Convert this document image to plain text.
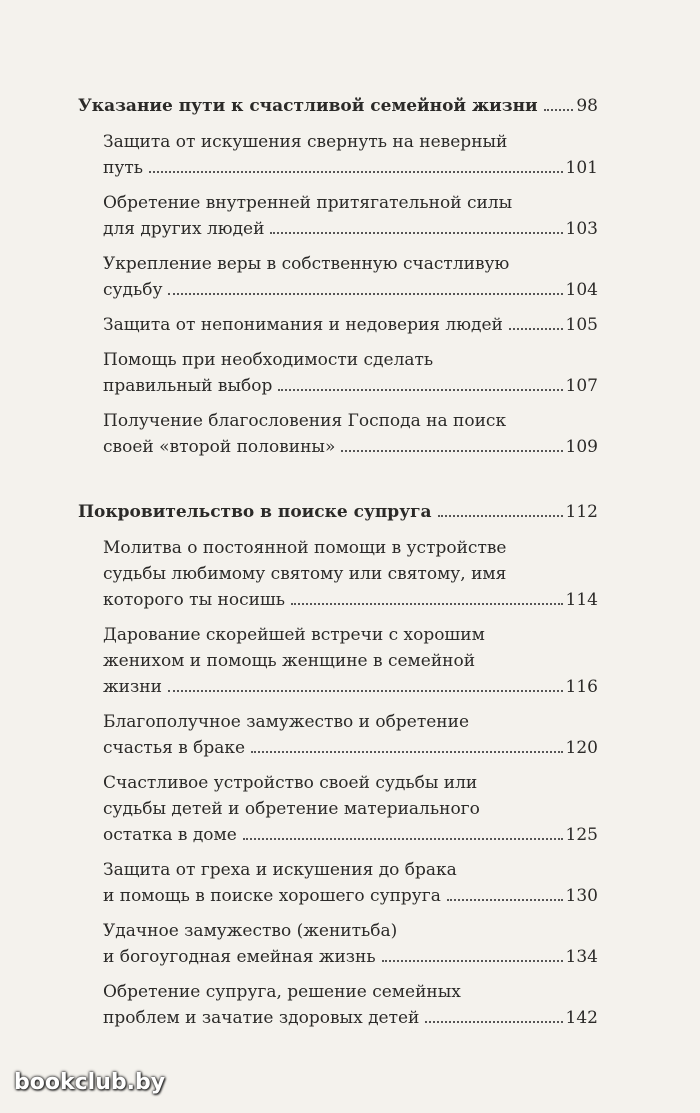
Указание пути к счастливой семейной жизни 98
Защита от искушения свернуть на неверный
путь	101
Обретение внутренней притягательной силы
для других людей	103
Укрепление веры в собственную счастливую
судьбу	104
Защита от непонимания и недоверия людей	105
Помощь при необходимости сделать
правильный выбор	107
Получение благословения Господа на поиск
своей «второй половины»	109
Покровительство в поиске супруга	112
Молитва о постоянной помощи в устройстве
судьбы любимому святому или святому, имя
которого ты носишь	114
Дарование скорейшей встречи с хорошим
женихом и помощь женщине в семейной
жизни	116
Благополучное замужество и обретение
счастья в браке	120
Счастливое устройство своей судьбы или
судьбы детей и обретение материального
остатка в доме	125
Защита от греха и искушения до брака
и помощь в поиске хорошего супруга	130
Удачное замужество (женитьба)
и богоугодная емейная жизнь	134
Обретение супруга, решение семейных
проблем и зачатие здоровых детей	142
bookclub.by
